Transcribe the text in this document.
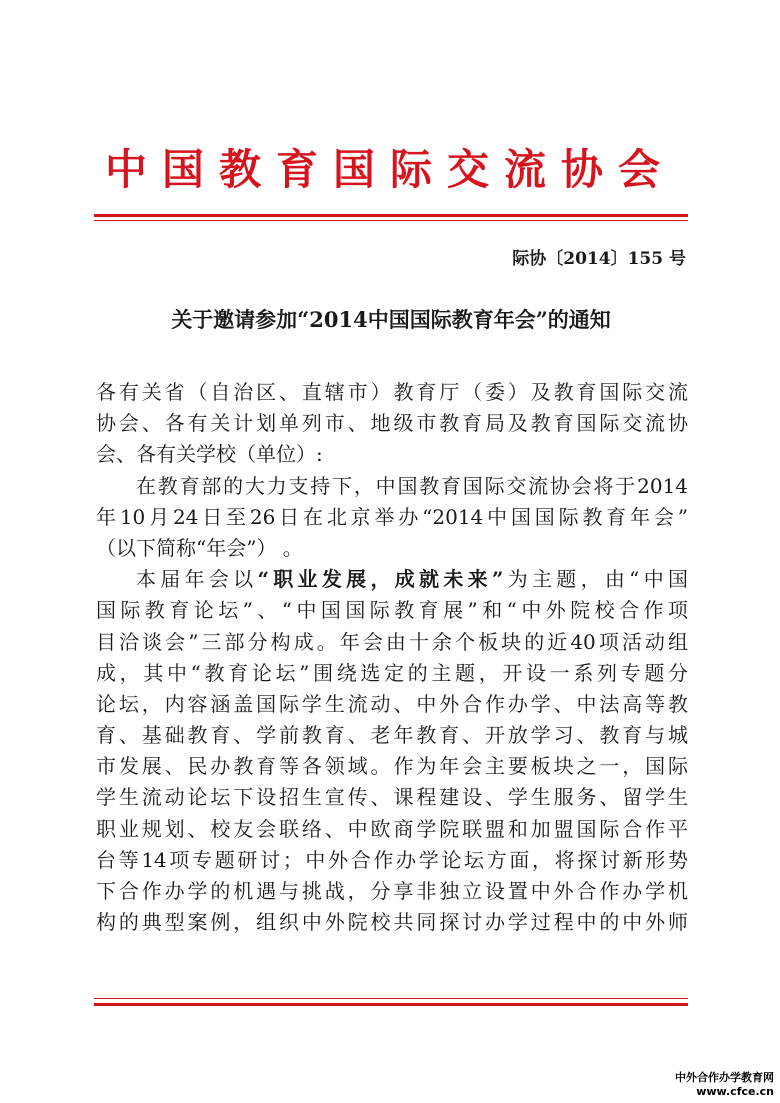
中国教育国际交流协会
际协〔2014〕155 号
关于邀请参加“2014中国国际教育年会”的通知
各有关省（自治区、直辖市）教育厅（委）及教育国际交流
协会、各有关计划单列市、地级市教育局及教育国际交流协
会、各有关学校（单位）:
在教育部的大力支持下，中国教育国际交流协会将于2014
年10月24日至26日在北京举办“2014中国国际教育年会”
（以下简称“年会”） 。
本届年会以“职业发展，成就未来”为主题，由“中国
国际教育论坛”、“中国国际教育展”和“中外院校合作项
目洽谈会”三部分构成。年会由十余个板块的近40项活动组
成，其中“教育论坛”围绕选定的主题，开设一系列专题分
论坛，内容涵盖国际学生流动、中外合作办学、中法高等教
育、基础教育、学前教育、老年教育、开放学习、教育与城
市发展、民办教育等各领域。作为年会主要板块之一，国际
学生流动论坛下设招生宣传、课程建设、学生服务、留学生
职业规划、校友会联络、中欧商学院联盟和加盟国际合作平
台等14项专题研讨；中外合作办学论坛方面，将探讨新形势
下合作办学的机遇与挑战，分享非独立设置中外合作办学机
构的典型案例，组织中外院校共同探讨办学过程中的中外师
中外合作办学教育网
www.cfce.cn
